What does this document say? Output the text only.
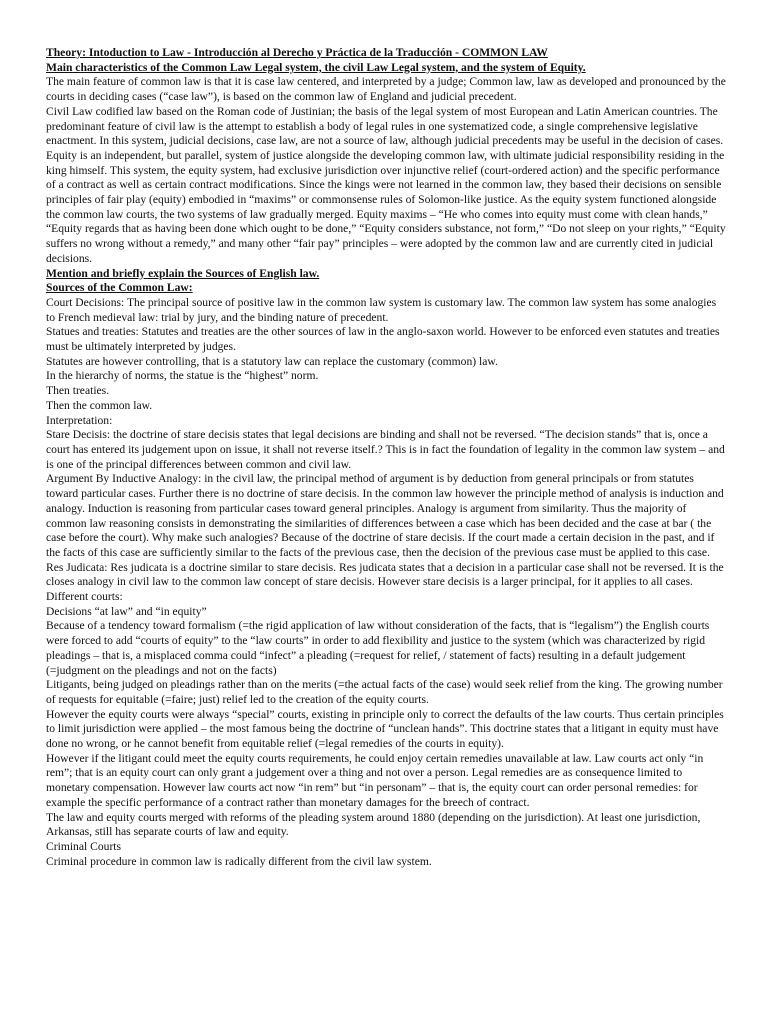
Theory: Intoduction to Law - Introducción al Derecho y Práctica de la Traducción - COMMON LAW

Main characteristics of the Common Law Legal system, the civil Law Legal system, and the system of Equity.

The main feature of common law is that it is case law centered, and interpreted by a judge; Common law, law as developed and pronounced by the courts in deciding cases (“case law”), is based on the common law of England and judicial precedent.

Civil Law codified law based on the Roman code of Justinian; the basis of the legal system of most European and Latin American countries. The predominant feature of civil law is the attempt to establish a body of legal rules in one systematized code, a single comprehensive legislative enactment. In this system, judicial decisions, case law, are not a source of law, although judicial precedents may be useful in the decision of cases.

Equity is an independent, but parallel, system of justice alongside the developing common law, with ultimate judicial responsibility residing in the king himself. This system, the equity system, had exclusive jurisdiction over injunctive relief (court-ordered action) and the specific performance of a contract as well as certain contract modifications. Since the kings were not learned in the common law, they based their decisions on sensible principles of fair play (equity) embodied in “maxims” or commonsense rules of Solomon-like justice. As the equity system functioned alongside the common law courts, the two systems of law gradually merged. Equity maxims – “He who comes into equity must come with clean hands,” “Equity regards that as having been done which ought to be done,” “Equity considers substance, not form,” “Do not sleep on your rights,” “Equity suffers no wrong without a remedy,” and many other “fair pay” principles – were adopted by the common law and are currently cited in judicial decisions.

Mention and briefly explain the Sources of English law.

Sources of the Common Law:

Court Decisions: The principal source of positive law in the common law system is customary law. The common law system has some analogies to French medieval law: trial by jury, and the binding nature of precedent.

Statues and treaties: Statutes and treaties are the other sources of law in the anglo-saxon world. However to be enforced even statutes and treaties must be ultimately interpreted by judges.

Statutes are however controlling, that is a statutory law can replace the customary (common) law.

In the hierarchy of norms, the statue is the “highest” norm.

Then treaties.

Then the common law.

Interpretation:

Stare Decisis: the doctrine of stare decisis states that legal decisions are binding and shall not be reversed. “The decision stands” that is, once a court has entered its judgement upon on issue, it shall not reverse itself.? This is in fact the foundation of legality in the common law system – and is one of the principal differences between common and civil law.

Argument By Inductive Analogy: in the civil law, the principal method of argument is by deduction from general principals or from statutes toward particular cases. Further there is no doctrine of stare decisis. In the common law however the principle method of analysis is induction and analogy. Induction is reasoning from particular cases toward general principles. Analogy is argument from similarity. Thus the majority of common law reasoning consists in demonstrating the similarities of differences between a case which has been decided and the case at bar ( the case before the court). Why make such analogies? Because of the doctrine of stare decisis. If the court made a certain decision in the past, and if the facts of this case are sufficiently similar to the facts of the previous case, then the decision of the previous case must be applied to this case.

Res Judicata: Res judicata is a doctrine similar to stare decisis. Res judicata states that a decision in a particular case shall not be reversed. It is the closes analogy in civil law to the common law concept of stare decisis. However stare decisis is a larger principal, for it applies to all cases.

Different courts:

Decisions “at law” and “in equity”

Because of a tendency toward formalism (=the rigid application of law without consideration of the facts, that is “legalism”) the English courts were forced to add “courts of equity” to the “law courts” in order to add flexibility and justice to the system (which was characterized by rigid pleadings – that is, a misplaced comma could “infect” a pleading (=request for relief, / statement of facts) resulting in a default judgement (=judgment on the pleadings and not on the facts)

Litigants, being judged on pleadings rather than on the merits (=the actual facts of the case) would seek relief from the king. The growing number of requests for equitable (=faire; just) relief led to the creation of the equity courts.

However the equity courts were always “special” courts, existing in principle only to correct the defaults of the law courts. Thus certain principles to limit jurisdiction were applied – the most famous being the doctrine of “unclean hands”. This doctrine states that a litigant in equity must have done no wrong, or he cannot benefit from equitable relief (=legal remedies of the courts in equity).

However if the litigant could meet the equity courts requirements, he could enjoy certain remedies unavailable at law. Law courts act only “in rem”; that is an equity court can only grant a judgement over a thing and not over a person. Legal remedies are as consequence limited to monetary compensation. However law courts act now “in rem” but “in personam” – that is, the equity court can order personal remedies: for example the specific performance of a contract rather than monetary damages for the breech of contract.

The law and equity courts merged with reforms of the pleading system around 1880 (depending on the jurisdiction). At least one jurisdiction, Arkansas, still has separate courts of law and equity.

Criminal Courts

Criminal procedure in common law is radically different from the civil law system.
